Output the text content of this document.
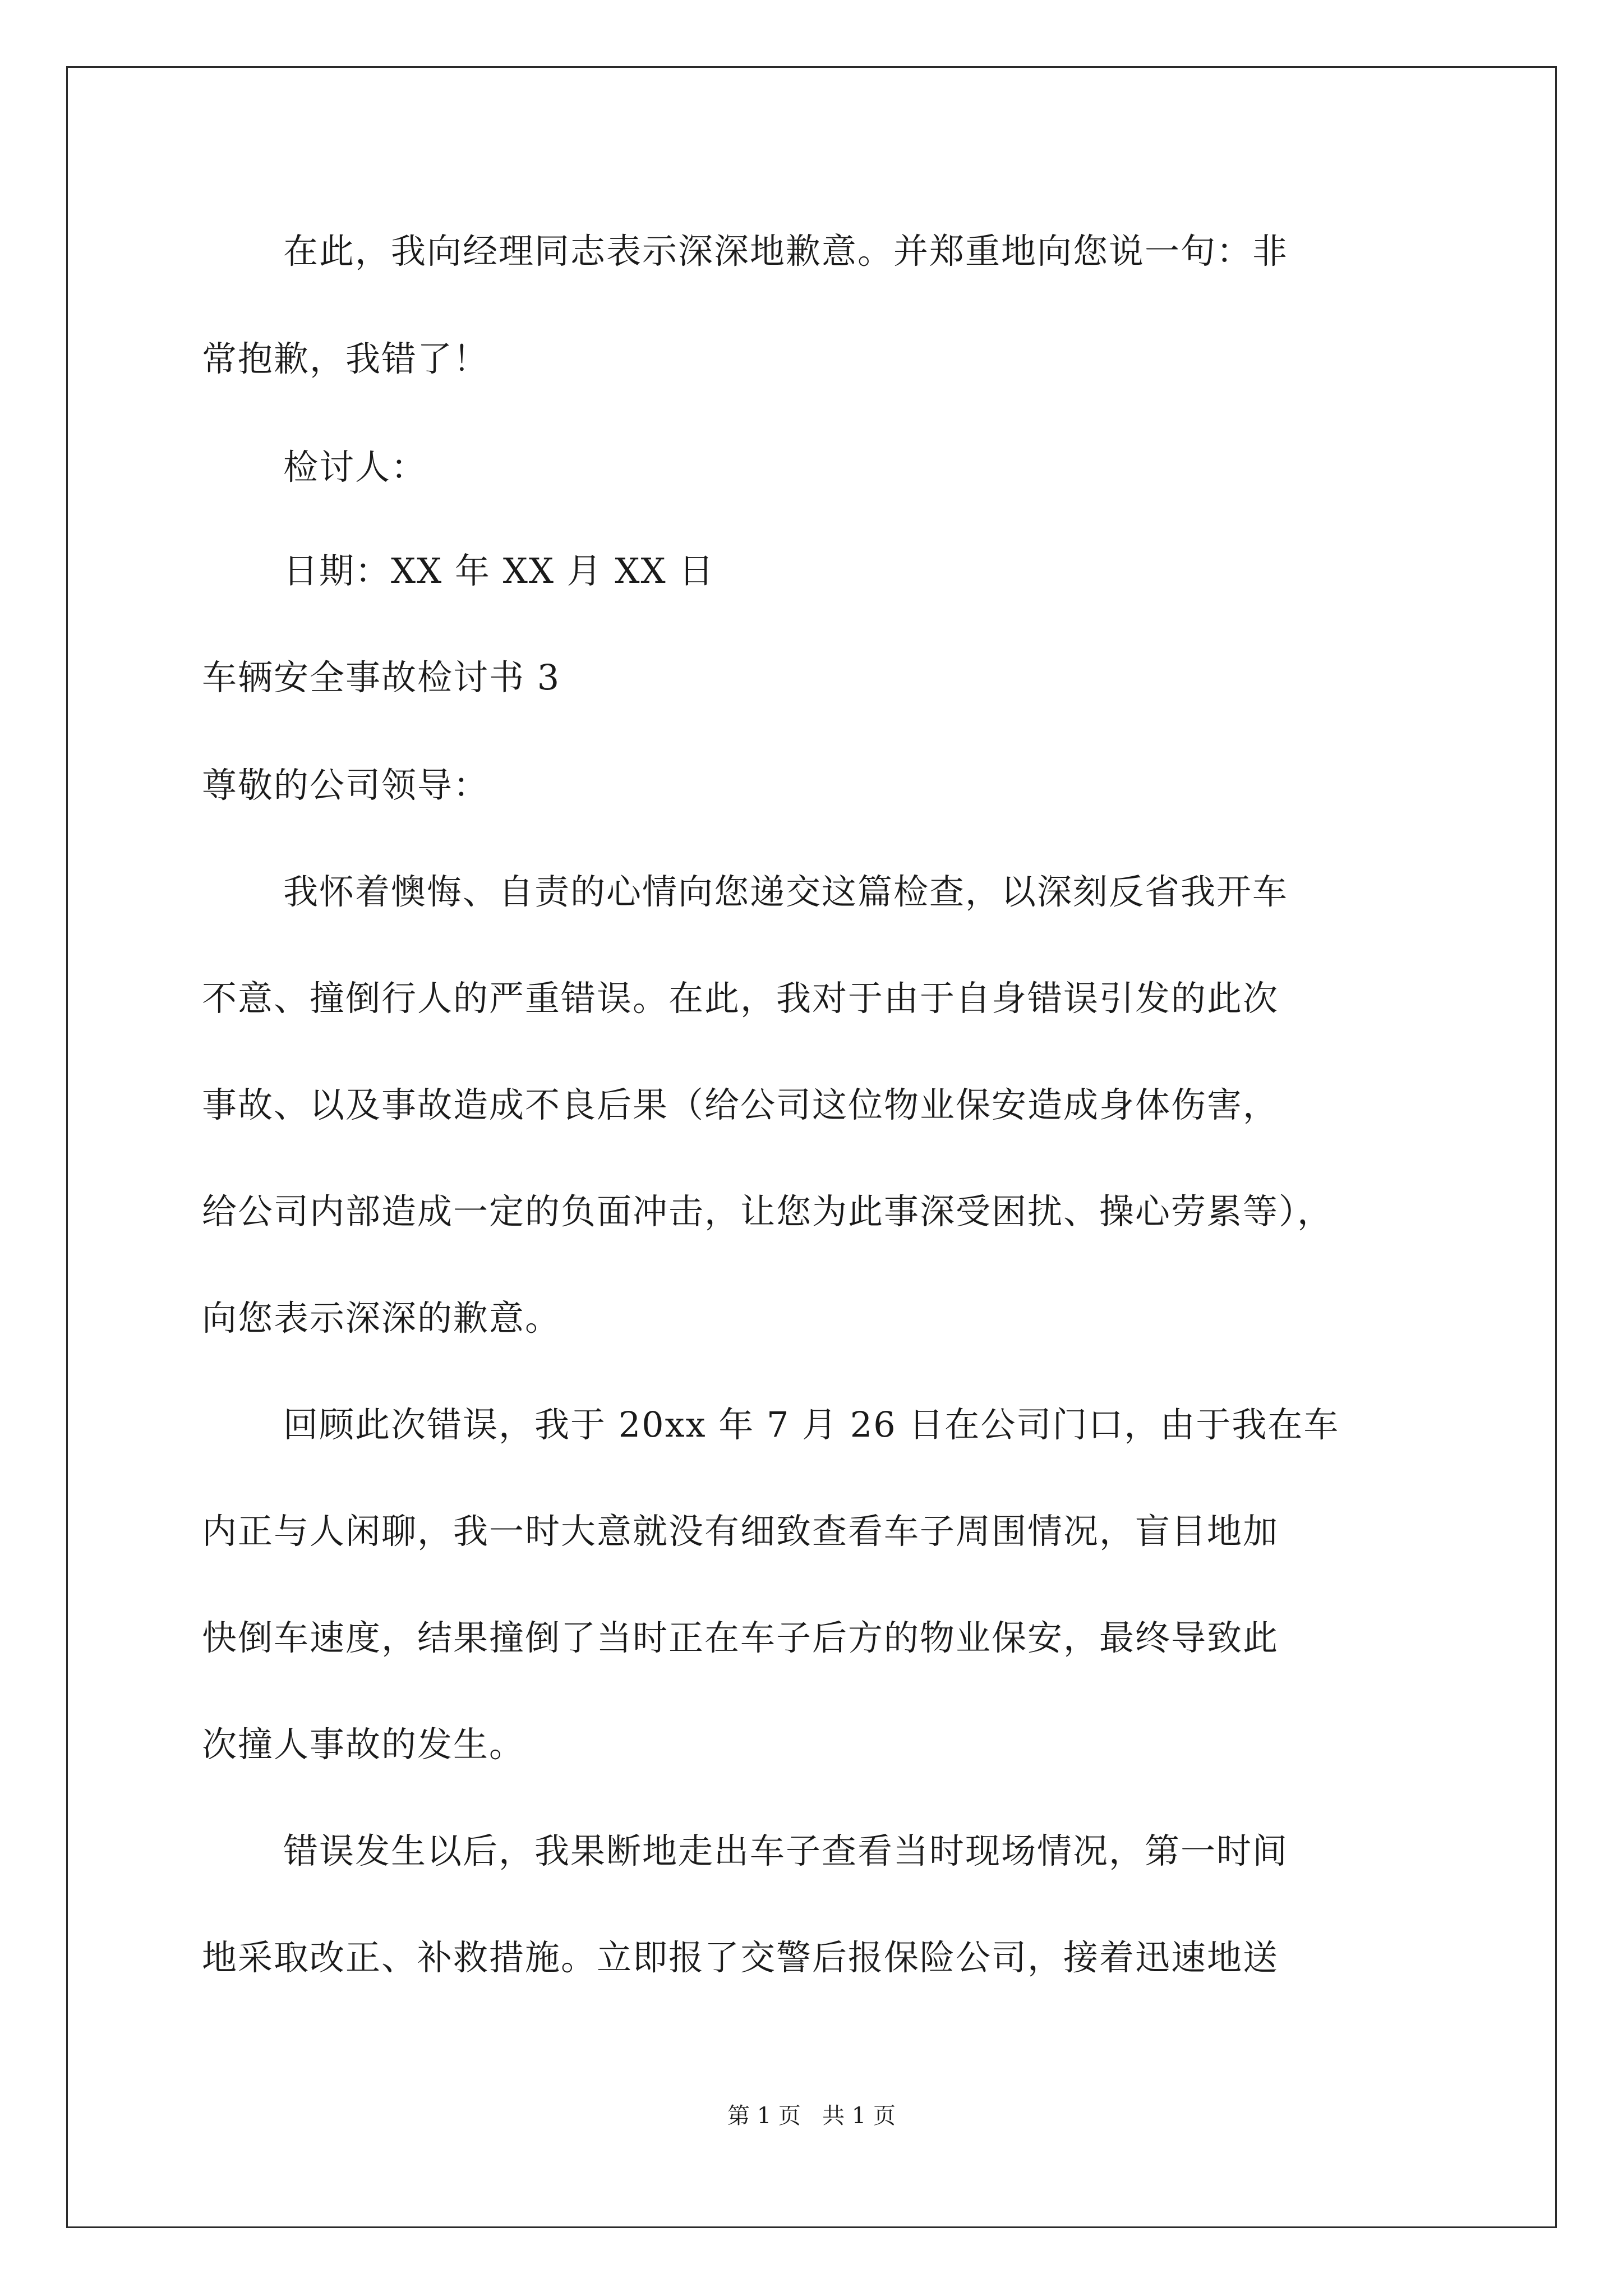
在此，我向经理同志表示深深地歉意。并郑重地向您说一句：非
常抱歉，我错了！
检讨人：
日期：XX 年 XX 月 XX 日
车辆安全事故检讨书 3
尊敬的公司领导：
我怀着懊悔、自责的心情向您递交这篇检查，以深刻反省我开车
不意、撞倒行人的严重错误。在此，我对于由于自身错误引发的此次
事故、以及事故造成不良后果（给公司这位物业保安造成身体伤害，
给公司内部造成一定的负面冲击，让您为此事深受困扰、操心劳累等），
向您表示深深的歉意。
回顾此次错误，我于 20xx 年 7 月 26 日在公司门口，由于我在车
内正与人闲聊，我一时大意就没有细致查看车子周围情况，盲目地加
快倒车速度，结果撞倒了当时正在车子后方的物业保安，最终导致此
次撞人事故的发生。
错误发生以后，我果断地走出车子查看当时现场情况，第一时间
地采取改正、补救措施。立即报了交警后报保险公司，接着迅速地送
第 1 页   共 1 页
